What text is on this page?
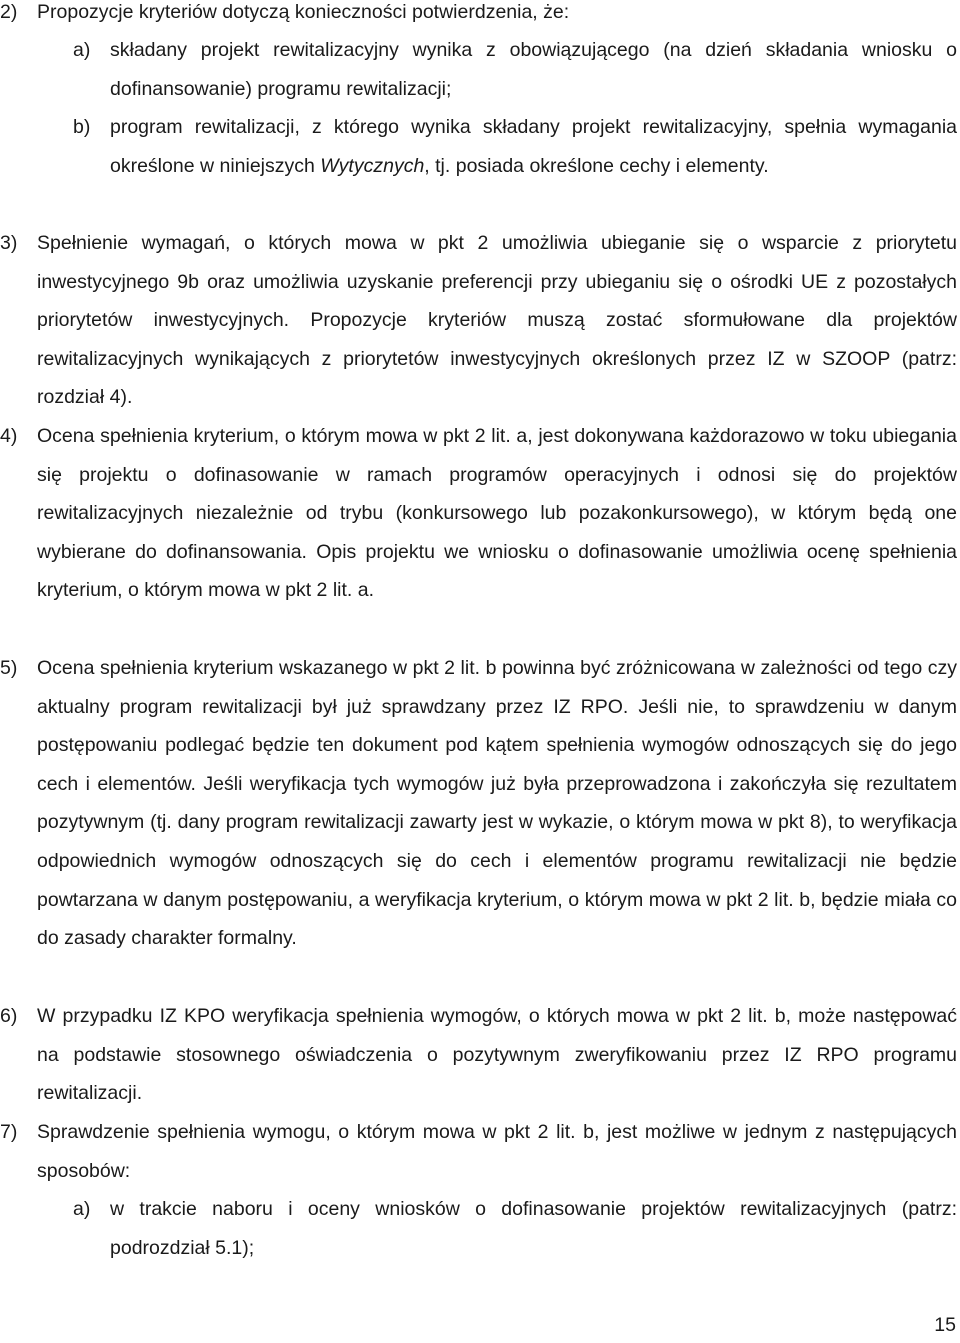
2) Propozycje kryteriów dotyczą konieczności potwierdzenia, że:
a) składany projekt rewitalizacyjny wynika z obowiązującego (na dzień składania wniosku o dofinansowanie) programu rewitalizacji;
b) program rewitalizacji, z którego wynika składany projekt rewitalizacyjny, spełnia wymagania określone w niniejszych Wytycznych, tj. posiada określone cechy i elementy.
3) Spełnienie wymagań, o których mowa w pkt 2 umożliwia ubieganie się o wsparcie z priorytetu inwestycyjnego 9b oraz umożliwia uzyskanie preferencji przy ubieganiu się o ośrodki UE z pozostałych priorytetów inwestycyjnych. Propozycje kryteriów muszą zostać sformułowane dla projektów rewitalizacyjnych wynikających z priorytetów inwestycyjnych określonych przez IZ w SZOOP (patrz: rozdział 4).
4) Ocena spełnienia kryterium, o którym mowa w pkt 2 lit. a, jest dokonywana każdorazowo w toku ubiegania się projektu o dofinasowanie w ramach programów operacyjnych i odnosi się do projektów rewitalizacyjnych niezależnie od trybu (konkursowego lub pozakonkursowego), w którym będą one wybierane do dofinansowania. Opis projektu we wniosku o dofinasowanie umożliwia ocenę spełnienia kryterium, o którym mowa w pkt 2 lit. a.
5) Ocena spełnienia kryterium wskazanego w pkt 2 lit. b powinna być zróżnicowana w zależności od tego czy aktualny program rewitalizacji był już sprawdzany przez IZ RPO. Jeśli nie, to sprawdzeniu w danym postępowaniu podlegać będzie ten dokument pod kątem spełnienia wymogów odnoszących się do jego cech i elementów. Jeśli weryfikacja tych wymogów już była przeprowadzona i zakończyła się rezultatem pozytywnym (tj. dany program rewitalizacji zawarty jest w wykazie, o którym mowa w pkt 8), to weryfikacja odpowiednich wymogów odnoszących się do cech i elementów programu rewitalizacji nie będzie powtarzana w danym postępowaniu, a weryfikacja kryterium, o którym mowa w pkt 2 lit. b, będzie miała co do zasady charakter formalny.
6) W przypadku IZ KPO weryfikacja spełnienia wymogów, o których mowa w pkt 2 lit. b, może następować na podstawie stosownego oświadczenia o pozytywnym zweryfikowaniu przez IZ RPO programu rewitalizacji.
7) Sprawdzenie spełnienia wymogu, o którym mowa w pkt 2 lit. b, jest możliwe w jednym z następujących sposobów:
a) w trakcie naboru i oceny wniosków o dofinasowanie projektów rewitalizacyjnych (patrz: podrozdział 5.1);
15
